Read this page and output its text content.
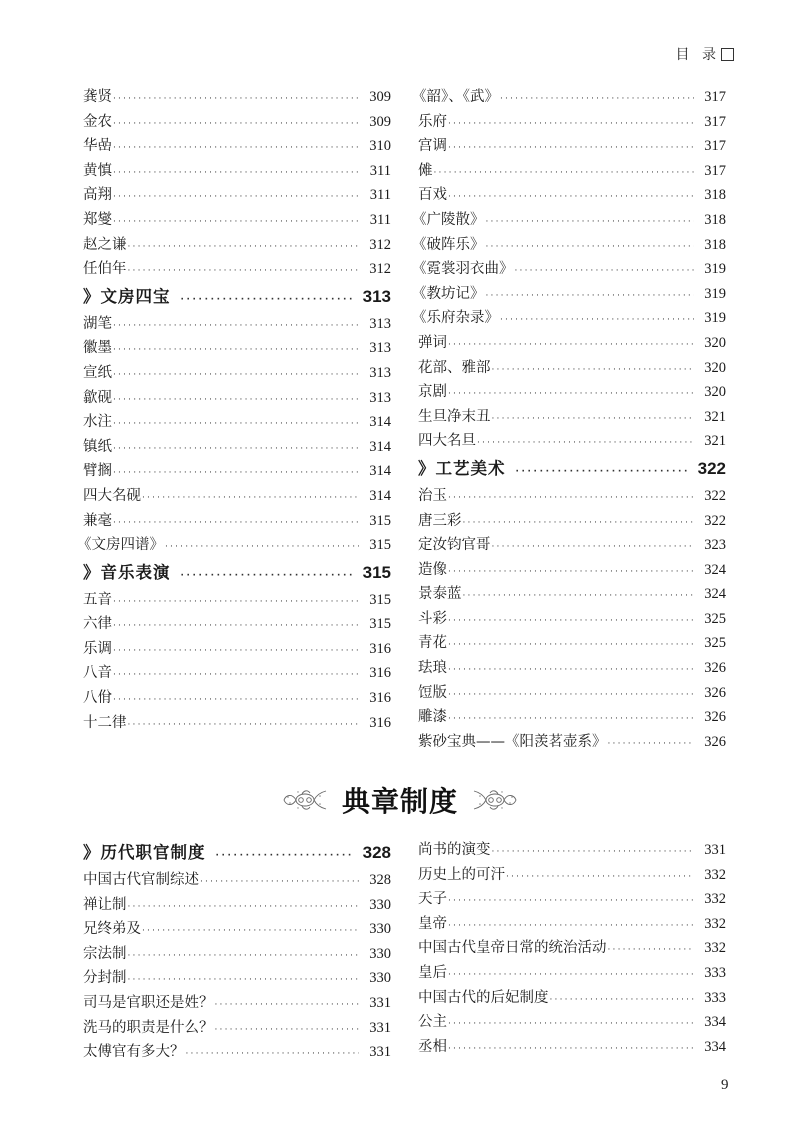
目 录
龚贤 ·····	309
金农 ·····	309
华嵒 ·····	310
黄慎 ·····	311
高翔 ·····	311
郑燮 ·····	311
赵之谦 ·····	312
任伯年 ·····	312
》文房四宝 ·····	313
湖笔 ·····	313
徽墨 ·····	313
宣纸 ·····	313
歙砚 ·····	313
水注 ·····	314
镇纸 ·····	314
臂搁 ·····	314
四大名砚 ·····	314
兼毫 ·····	315
《文房四谱》 ·····	315
》音乐表演 ·····	315
五音 ·····	315
六律 ·····	315
乐调 ·····	316
八音 ·····	316
八佾 ·····	316
十二律 ·····	316
《韶》、《武》 ·····	317
乐府 ·····	317
宫调 ·····	317
傩 ·····	317
百戏 ·····	318
《广陵散》 ·····	318
《破阵乐》 ·····	318
《霓裳羽衣曲》 ·····	319
《教坊记》 ·····	319
《乐府杂录》 ·····	319
弹词 ·····	320
花部、雅部 ·····	320
京剧 ·····	320
生旦净末丑 ·····	321
四大名旦 ·····	321
》工艺美术 ·····	322
治玉 ·····	322
唐三彩 ·····	322
定汝钧官哥 ·····	323
造像 ·····	324
景泰蓝 ·····	324
斗彩 ·····	325
青花 ·····	325
珐琅 ·····	326
饾版 ·····	326
雕漆 ·····	326
紫砂宝典——《阳羡茗壶系》 ·····	326
典章制度
》历代职官制度 ·····	328
中国古代官制综述 ·····	328
禅让制 ·····	330
兄终弟及 ·····	330
宗法制 ·····	330
分封制 ·····	330
司马是官职还是姓？ ·····	331
洗马的职责是什么？ ·····	331
太傅官有多大？ ·····	331
尚书的演变 ·····	331
历史上的可汗 ·····	332
天子 ·····	332
皇帝 ·····	332
中国古代皇帝日常的统治活动 ·····	332
皇后 ·····	333
中国古代的后妃制度 ·····	333
公主 ·····	334
丞相 ·····	334
9
